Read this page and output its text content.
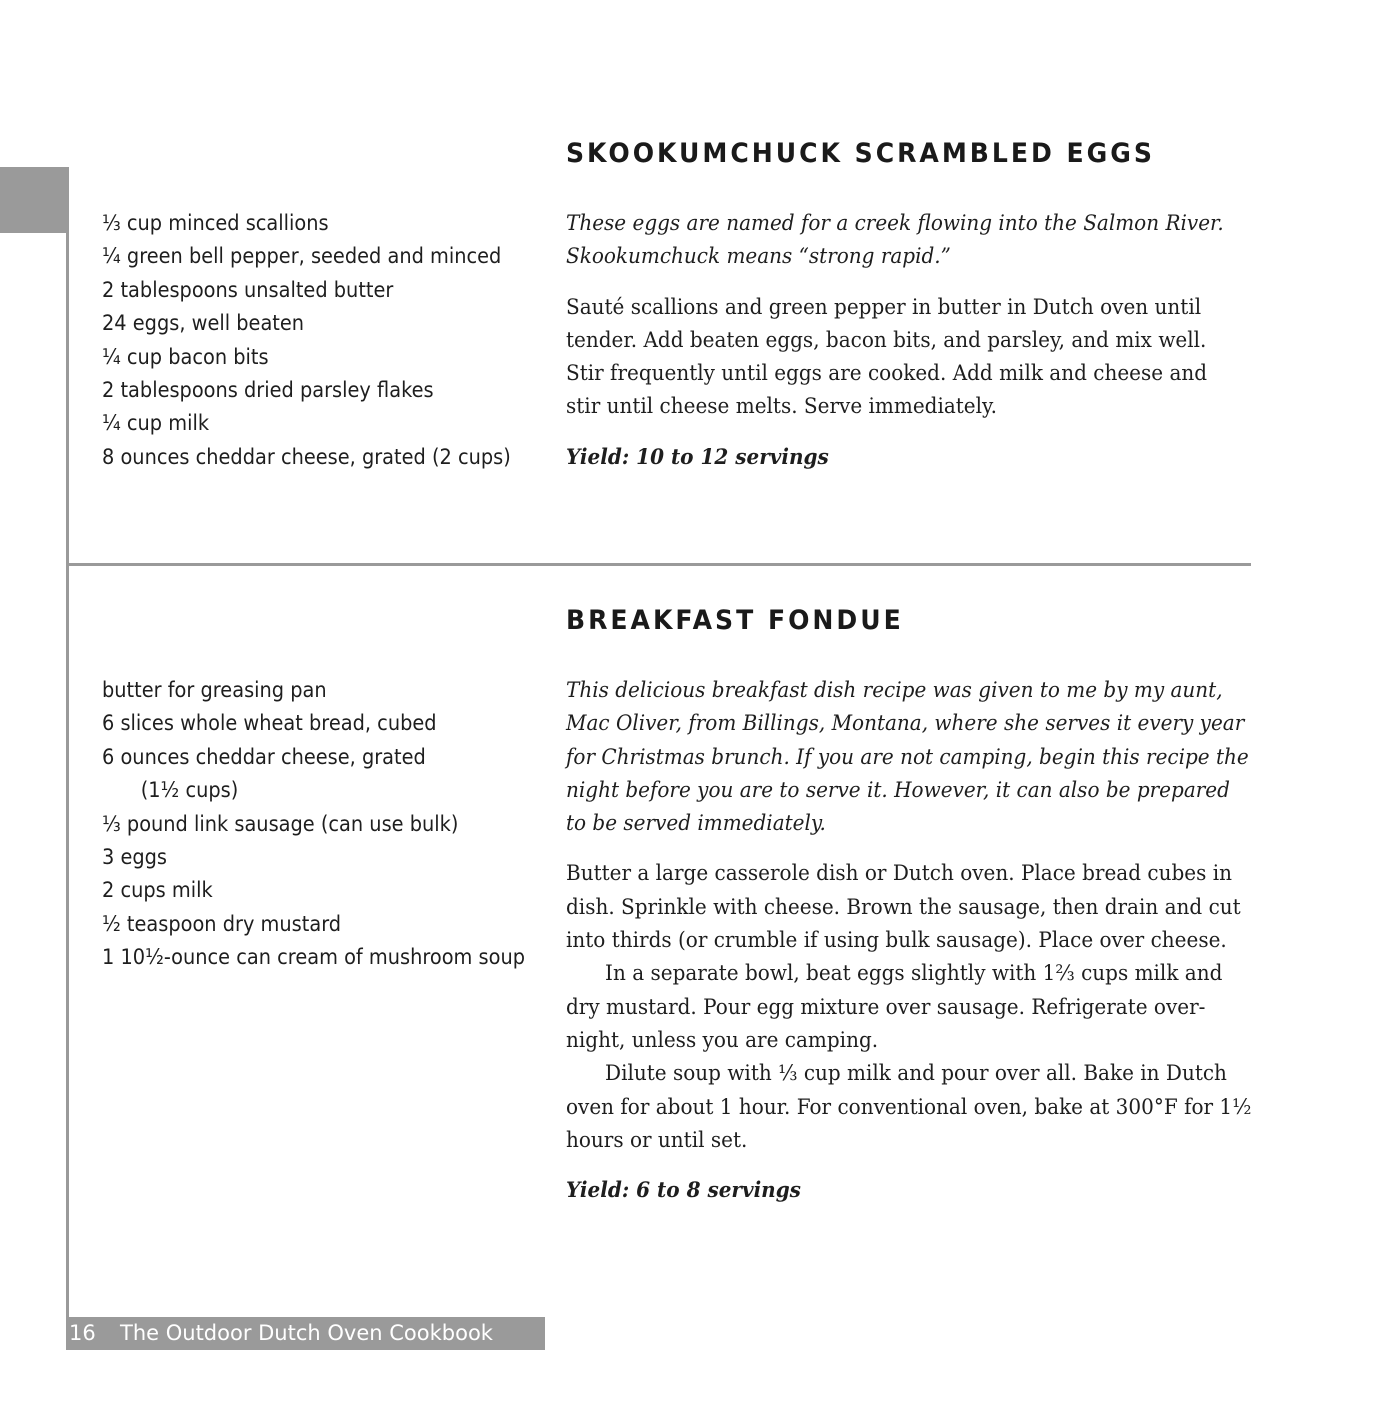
SKOOKUMCHUCK SCRAMBLED EGGS
⅓ cup minced scallions
¼ green bell pepper, seeded and minced
2 tablespoons unsalted butter
24 eggs, well beaten
¼ cup bacon bits
2 tablespoons dried parsley flakes
¼ cup milk
8 ounces cheddar cheese, grated (2 cups)

These eggs are named for a creek flowing into the Salmon River.

Skookumchuck means “strong rapid.”

Sauté scallions and green pepper in butter in Dutch oven until

tender. Add beaten eggs, bacon bits, and parsley, and mix well.

Stir frequently until eggs are cooked. Add milk and cheese and

stir until cheese melts. Serve immediately.

Yield: 10 to 12 servings

BREAKFAST FONDUE
butter for greasing pan
6 slices whole wheat bread, cubed
6 ounces cheddar cheese, grated
(1½ cups)
⅓ pound link sausage (can use bulk)
3 eggs
2 cups milk
½ teaspoon dry mustard
1 10½-ounce can cream of mushroom soup

This delicious breakfast dish recipe was given to me by my aunt,

Mac Oliver, from Billings, Montana, where she serves it every year

for Christmas brunch. If you are not camping, begin this recipe the

night before you are to serve it. However, it can also be prepared

to be served immediately.

Butter a large casserole dish or Dutch oven. Place bread cubes in

dish. Sprinkle with cheese. Brown the sausage, then drain and cut

into thirds (or crumble if using bulk sausage). Place over cheese.

In a separate bowl, beat eggs slightly with 1⅔ cups milk and

dry mustard. Pour egg mixture over sausage. Refrigerate over-

night, unless you are camping.

Dilute soup with ⅓ cup milk and pour over all. Bake in Dutch

oven for about 1 hour. For conventional oven, bake at 300°F for 1½

hours or until set.

Yield: 6 to 8 servings

16 The Outdoor Dutch Oven Cookbook
